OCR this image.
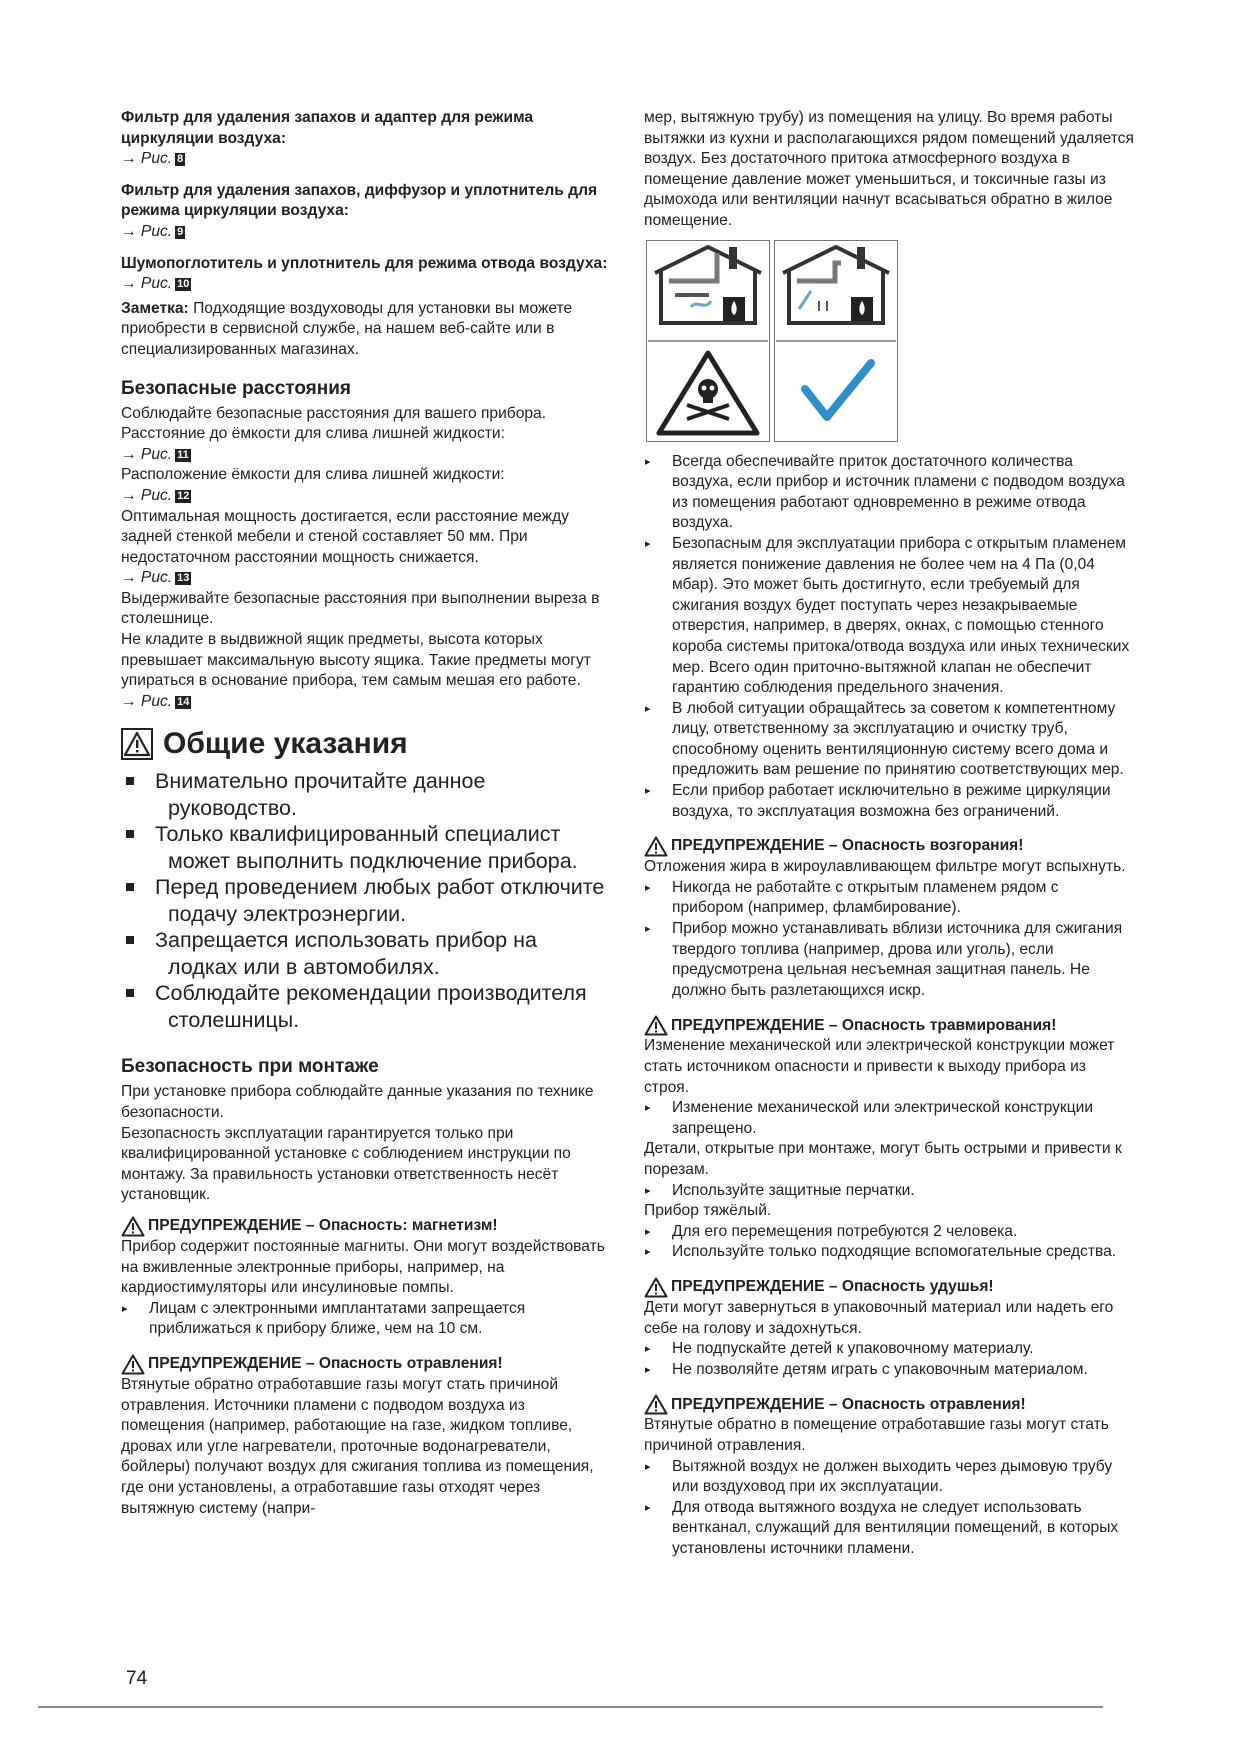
Фильтр для удаления запахов и адаптер для режима циркуляции воздуха:

→ Рис. 8

Фильтр для удаления запахов, диффузор и уплотнитель для режима циркуляции воздуха:

→ Рис. 9

Шумопоглотитель и уплотнитель для режима отвода воздуха:

→ Рис. 10

Заметка: Подходящие воздуховоды для установки вы можете приобрести в сервисной службе, на нашем веб-сайте или в специализированных магазинах.

Безопасные расстояния

Соблюдайте безопасные расстояния для вашего прибора.

Расстояние до ёмкости для слива лишней жидкости:

→ Рис. 11

Расположение ёмкости для слива лишней жидкости:

→ Рис. 12

Оптимальная мощность достигается, если расстояние между задней стенкой мебели и стеной составляет 50 мм. При недостаточном расстоянии мощность снижается.

→ Рис. 13

Выдерживайте безопасные расстояния при выполнении выреза в столешнице.

Не кладите в выдвижной ящик предметы, высота которых превышает максимальную высоту ящика. Такие предметы могут упираться в основание прибора, тем самым мешая его работе.

→ Рис. 14

Общие указания
Внимательно прочитайте данное руководство.
Только квалифицированный специалист может выполнить подключение прибора.
Перед проведением любых работ отключите подачу электроэнергии.
Запрещается использовать прибор на лодках или в автомобилях.
Соблюдайте рекомендации производителя столешницы.
Безопасность при монтаже

При установке прибора соблюдайте данные указания по технике безопасности.

Безопасность эксплуатации гарантируется только при квалифицированной установке с соблюдением инструкции по монтажу. За правильность установки ответственность несёт установщик.

ПРЕДУПРЕЖДЕНИЕ – Опасность: магнетизм!

Прибор содержит постоянные магниты. Они могут воздействовать на вживленные электронные приборы, например, на кардиостимуляторы или инсулиновые помпы.

▸ Лицам с электронными имплантатами запрещается приближаться к прибору ближе, чем на 10 см.
ПРЕДУПРЕЖДЕНИЕ – Опасность отравления!

Втянутые обратно отработавшие газы могут стать причиной отравления. Источники пламени с подводом воздуха из помещения (например, работающие на газе, жидком топливе, дровах или угле нагреватели, проточные водонагреватели, бойлеры) получают воздух для сжигания топлива из помещения, где они установлены, а отработавшие газы отходят через вытяжную систему (напри-

мер, вытяжную трубу) из помещения на улицу. Во время работы вытяжки из кухни и располагающихся рядом помещений удаляется воздух. Без достаточного притока атмосферного воздуха в помещение давление может уменьшиться, и токсичные газы из дымохода или вентиляции начнут всасываться обратно в жилое помещение.

▸ Всегда обеспечивайте приток достаточного количества воздуха, если прибор и источник пламени с подводом воздуха из помещения работают одновременно в режиме отвода воздуха.
▸ Безопасным для эксплуатации прибора с открытым пламенем является понижение давления не более чем на 4 Па (0,04 мбар). Это может быть достигнуто, если требуемый для сжигания воздух будет поступать через незакрываемые отверстия, например, в дверях, окнах, с помощью стенного короба системы притока/отвода воздуха или иных технических мер. Всего один приточно-вытяжной клапан не обеспечит гарантию соблюдения предельного значения.
▸ В любой ситуации обращайтесь за советом к компетентному лицу, ответственному за эксплуатацию и очистку труб, способному оценить вентиляционную систему всего дома и предложить вам решение по принятию соответствующих мер.
▸ Если прибор работает исключительно в режиме циркуляции воздуха, то эксплуатация возможна без ограничений.
ПРЕДУПРЕЖДЕНИЕ – Опасность возгорания!

Отложения жира в жироулавливающем фильтре могут вспыхнуть.

▸ Никогда не работайте с открытым пламенем рядом с прибором (например, фламбирование).
▸ Прибор можно устанавливать вблизи источника для сжигания твердого топлива (например, дрова или уголь), если предусмотрена цельная несъемная защитная панель. Не должно быть разлетающихся искр.
ПРЕДУПРЕЖДЕНИЕ – Опасность травмирования!

Изменение механической или электрической конструкции может стать источником опасности и привести к выходу прибора из строя.

▸ Изменение механической или электрической конструкции запрещено.

Детали, открытые при монтаже, могут быть острыми и привести к порезам.

▸ Используйте защитные перчатки.

Прибор тяжёлый.

▸ Для его перемещения потребуются 2 человека.
▸ Используйте только подходящие вспомогательные средства.
ПРЕДУПРЕЖДЕНИЕ – Опасность удушья!

Дети могут завернуться в упаковочный материал или надеть его себе на голову и задохнуться.

▸ Не подпускайте детей к упаковочному материалу.
▸ Не позволяйте детям играть с упаковочным материалом.
ПРЕДУПРЕЖДЕНИЕ – Опасность отравления!

Втянутые обратно в помещение отработавшие газы могут стать причиной отравления.

▸ Вытяжной воздух не должен выходить через дымовую трубу или воздуховод при их эксплуатации.
▸ Для отвода вытяжного воздуха не следует использовать вентканал, служащий для вентиляции помещений, в которых установлены источники пламени.
74
